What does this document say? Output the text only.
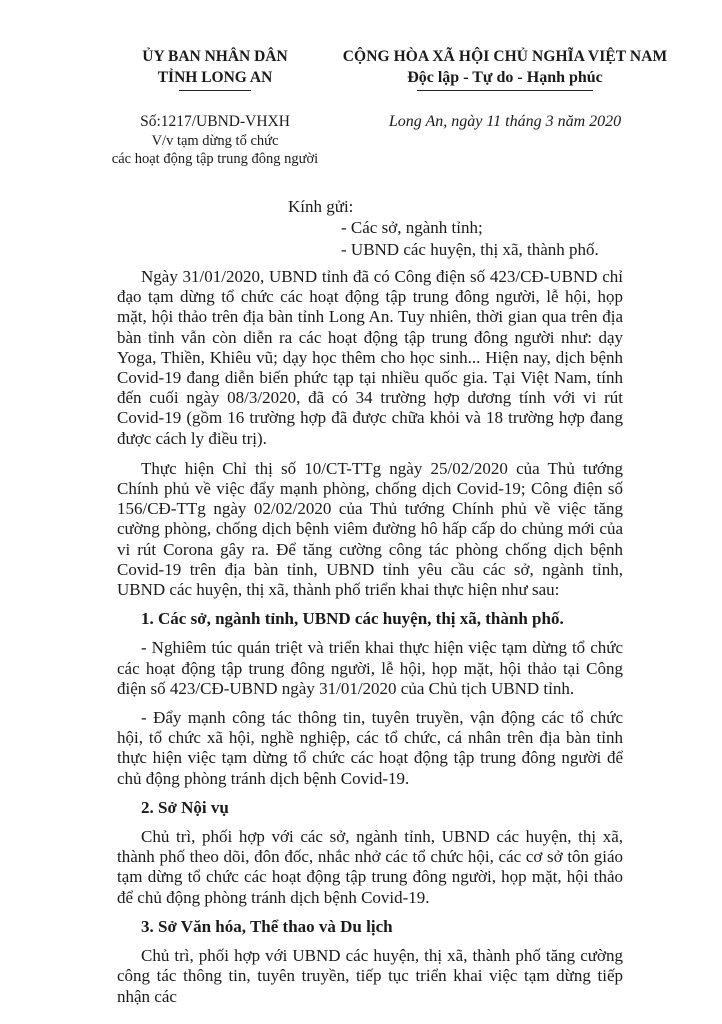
ỦY BAN NHÂN DÂN
TỈNH LONG AN
Số:1217/UBND-VHXH
V/v tạm dừng tổ chức
các hoạt động tập trung đông người
CỘNG HÒA XÃ HỘI CHỦ NGHĨA VIỆT NAM
Độc lập - Tự do - Hạnh phúc
Long An, ngày 11 tháng 3 năm 2020
Kính gửi:
- Các sở, ngành tỉnh;
- UBND các huyện, thị xã, thành phố.

Ngày 31/01/2020, UBND tỉnh đã có Công điện số 423/CĐ-UBND chỉ đạo tạm dừng tổ chức các hoạt động tập trung đông người, lễ hội, họp mặt, hội thảo trên địa bàn tỉnh Long An. Tuy nhiên, thời gian qua trên địa bàn tỉnh vẫn còn diễn ra các hoạt động tập trung đông người như: dạy Yoga, Thiền, Khiêu vũ; dạy học thêm cho học sinh... Hiện nay, dịch bệnh Covid-19 đang diễn biến phức tạp tại nhiều quốc gia. Tại Việt Nam, tính đến cuối ngày 08/3/2020, đã có 34 trường hợp dương tính với vi rút Covid-19 (gồm 16 trường hợp đã được chữa khỏi và 18 trường hợp đang được cách ly điều trị).

Thực hiện Chỉ thị số 10/CT-TTg ngày 25/02/2020 của Thủ tướng Chính phủ về việc đẩy mạnh phòng, chống dịch Covid-19; Công điện số 156/CĐ-TTg ngày 02/02/2020 của Thủ tướng Chính phủ về việc tăng cường phòng, chống dịch bệnh viêm đường hô hấp cấp do chủng mới của vi rút Corona gây ra. Để tăng cường công tác phòng chống dịch bệnh Covid-19 trên địa bàn tỉnh, UBND tỉnh yêu cầu các sở, ngành tỉnh, UBND các huyện, thị xã, thành phố triển khai thực hiện như sau:

1. Các sở, ngành tỉnh, UBND các huyện, thị xã, thành phố.

- Nghiêm túc quán triệt và triển khai thực hiện việc tạm dừng tổ chức các hoạt động tập trung đông người, lễ hội, họp mặt, hội thảo tại Công điện số 423/CĐ-UBND ngày 31/01/2020 của Chủ tịch UBND tỉnh.

- Đẩy mạnh công tác thông tin, tuyên truyền, vận động các tổ chức hội, tổ chức xã hội, nghề nghiệp, các tổ chức, cá nhân trên địa bàn tỉnh thực hiện việc tạm dừng tổ chức các hoạt động tập trung đông người để chủ động phòng tránh dịch bệnh Covid-19.

2. Sở Nội vụ

Chủ trì, phối hợp với các sở, ngành tỉnh, UBND các huyện, thị xã, thành phố theo dõi, đôn đốc, nhắc nhở các tổ chức hội, các cơ sở tôn giáo tạm dừng tổ chức các hoạt động tập trung đông người, họp mặt, hội thảo để chủ động phòng tránh dịch bệnh Covid-19.

3. Sở Văn hóa, Thể thao và Du lịch

Chủ trì, phối hợp với UBND các huyện, thị xã, thành phố tăng cường công tác thông tin, tuyên truyền, tiếp tục triển khai việc tạm dừng tiếp nhận các
